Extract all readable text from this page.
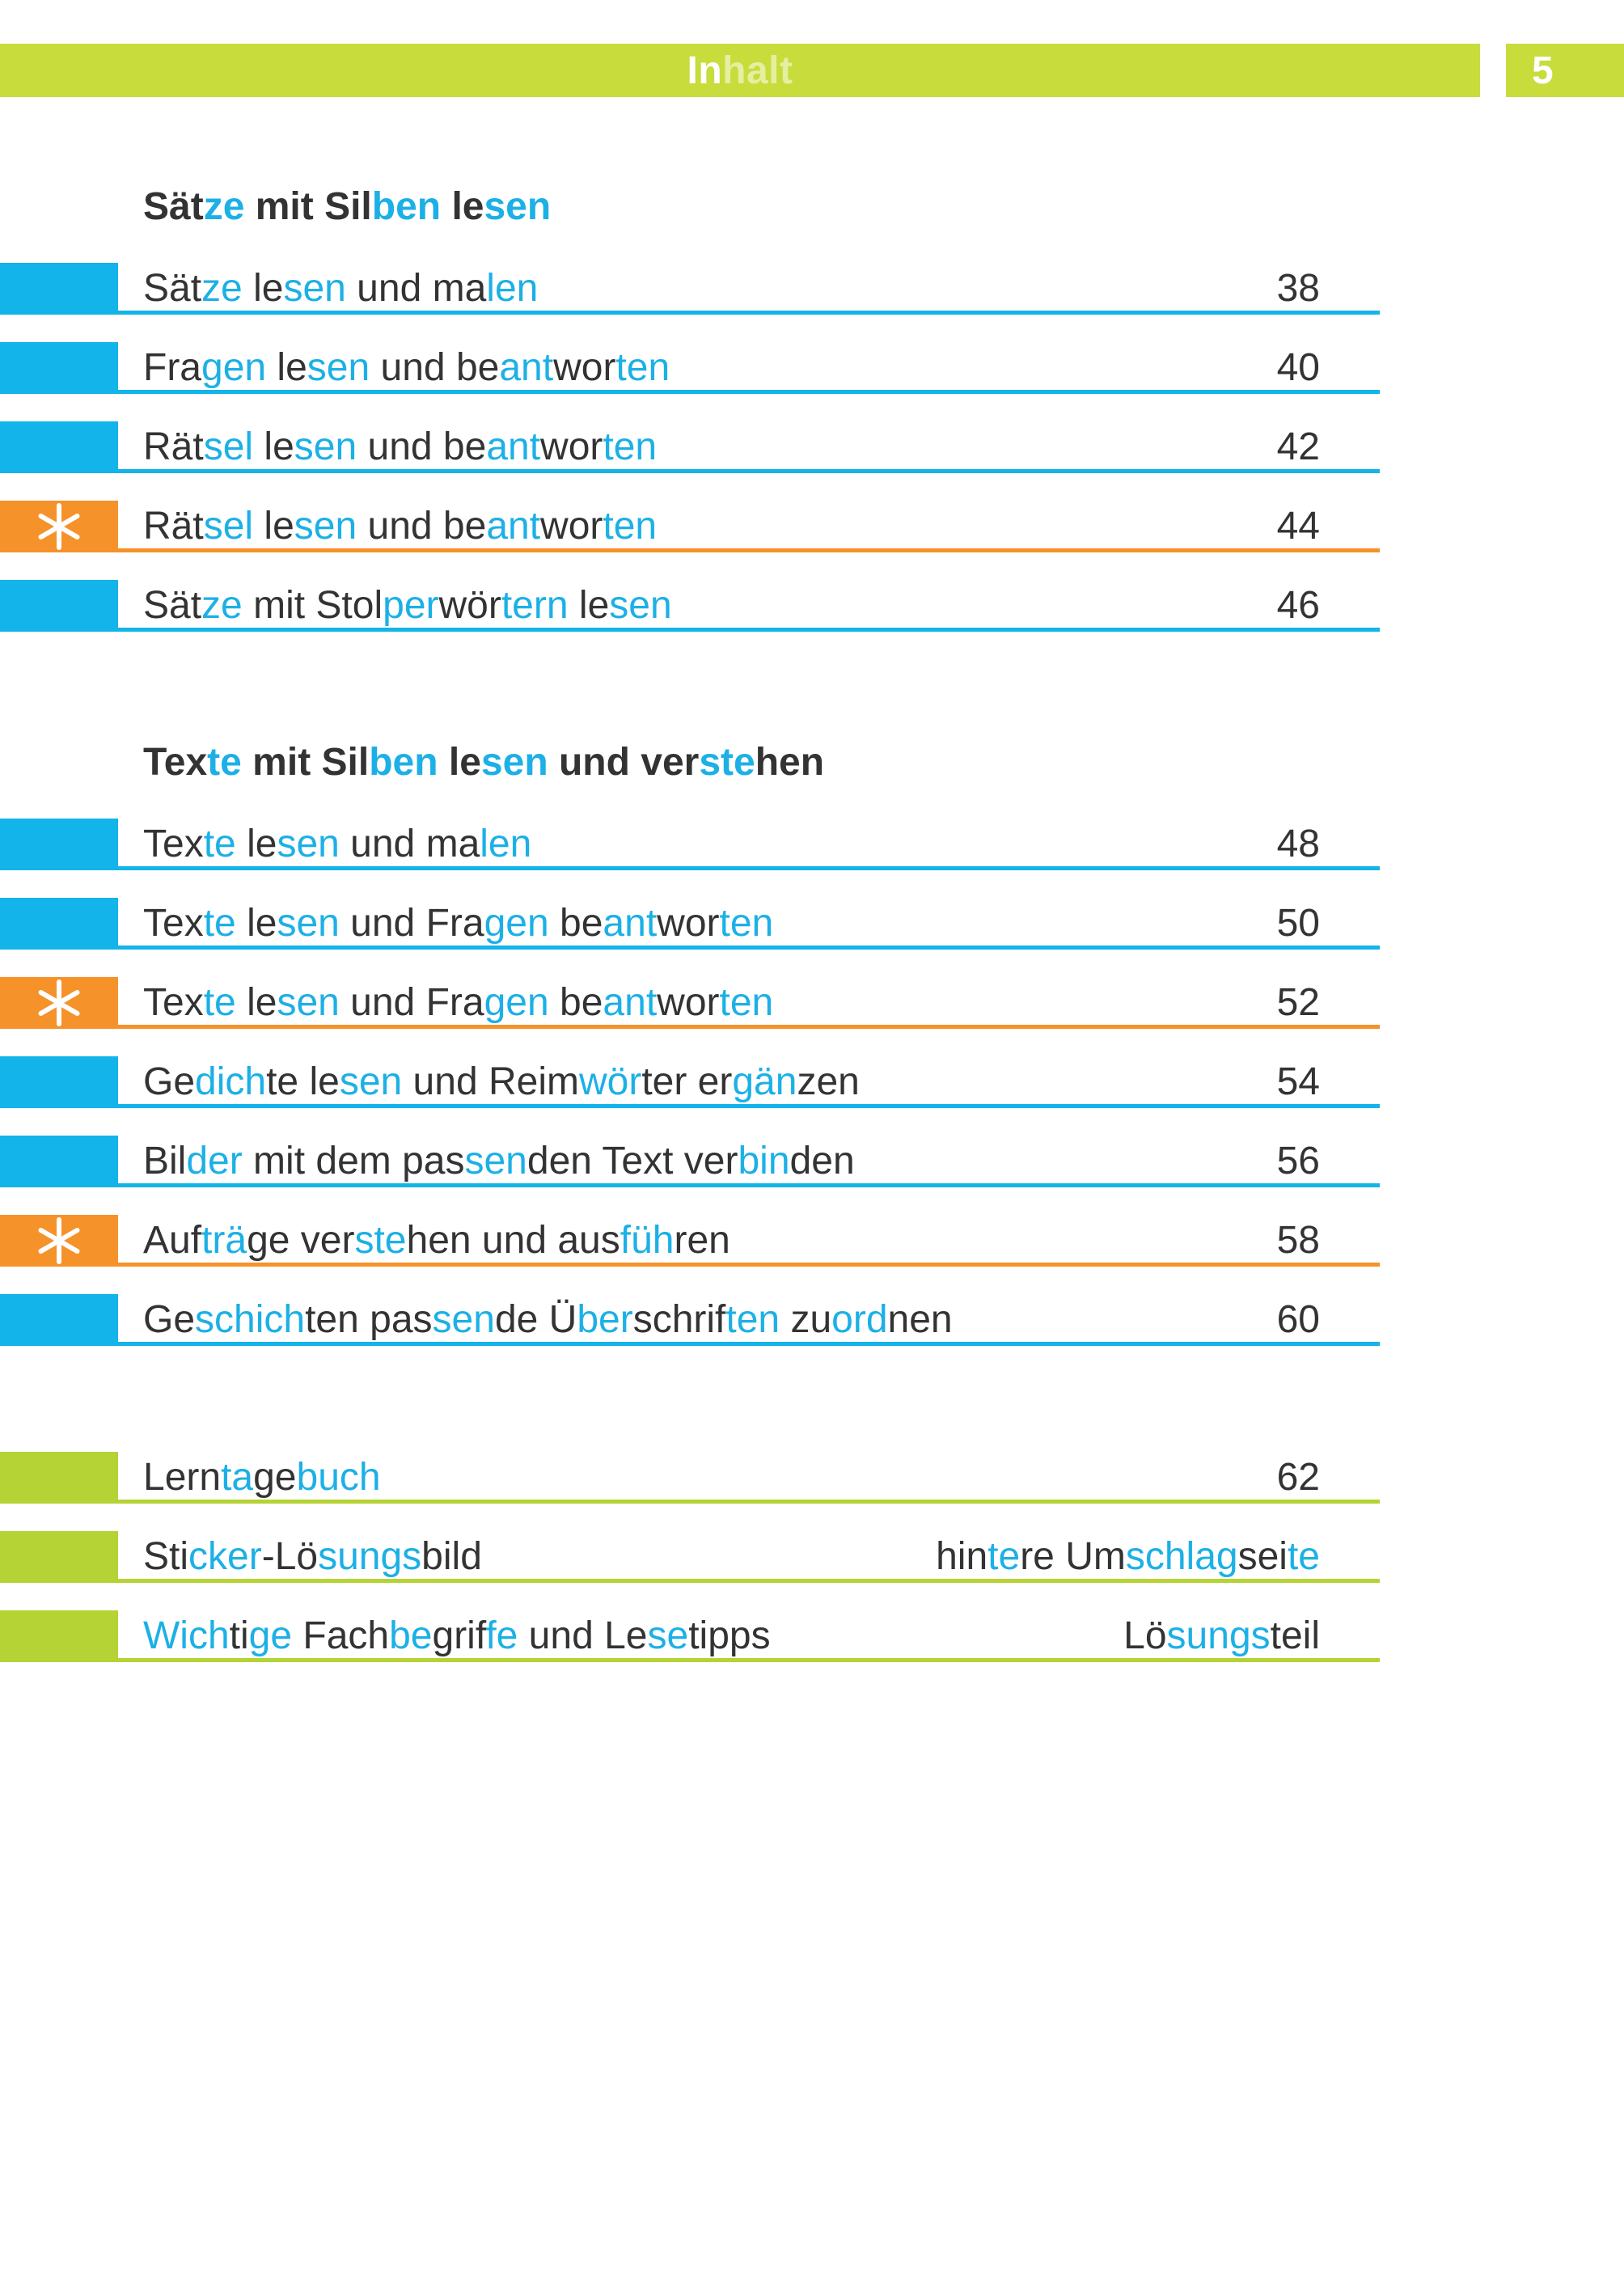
Inhalt	5
Sätze mit Silben lesen
Sätze lesen und malen	38
Fragen lesen und beantworten	40
Rätsel lesen und beantworten	42
Rätsel lesen und beantworten	44
Sätze mit Stolperwörtern lesen	46
Texte mit Silben lesen und verstehen
Texte lesen und malen	48
Texte lesen und Fragen beantworten	50
Texte lesen und Fragen beantworten	52
Gedichte lesen und Reimwörter ergänzen	54
Bilder mit dem passenden Text verbinden	56
Aufträge verstehen und ausführen	58
Geschichten passende Überschriften zuordnen	60
Lerntagebuch	62
Sticker-Lösungsbild	hintere Umschlagseite
Wichtige Fachbegriffe und Lesetipps	Lösungsteil
